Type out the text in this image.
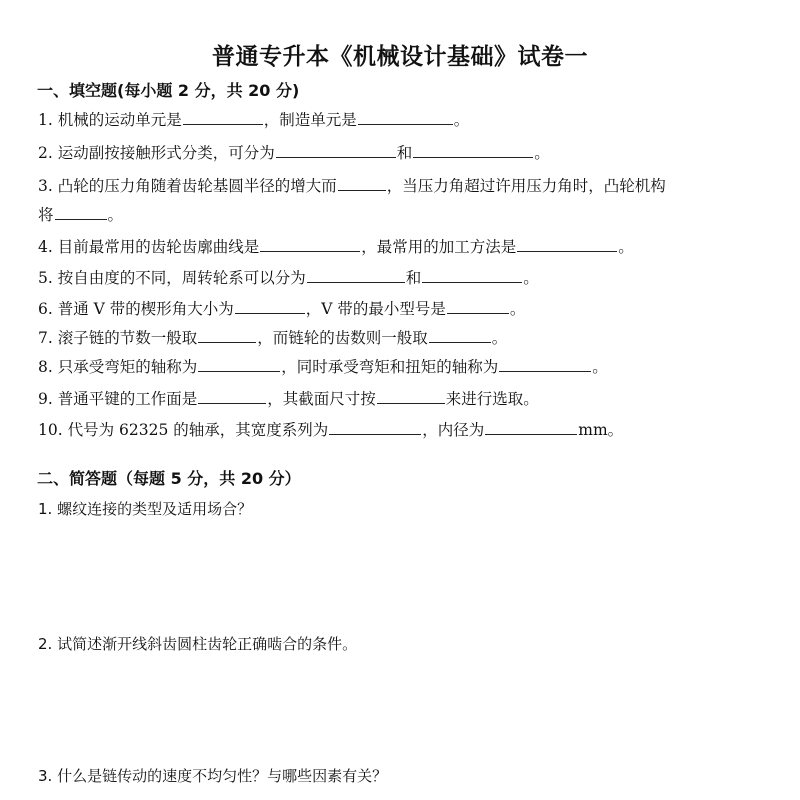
普通专升本《机械设计基础》试卷一
一、填空题(每小题 2 分，共 20 分)
1. 机械的运动单元是	，制造单元是	。
2. 运动副按接触形式分类，可分为	和	。
3. 凸轮的压力角随着齿轮基圆半径的增大而	，当压力角超过许用压力角时，凸轮机构
将	。
4. 目前最常用的齿轮齿廓曲线是	，最常用的加工方法是	。
5. 按自由度的不同，周转轮系可以分为	和	。
6. 普通 V 带的楔形角大小为	，V 带的最小型号是	。
7. 滚子链的节数一般取	，而链轮的齿数则一般取	。
8. 只承受弯矩的轴称为	，同时承受弯矩和扭矩的轴称为	。
9. 普通平键的工作面是	，其截面尺寸按	来进行选取。
10. 代号为 62325 的轴承，其宽度系列为	，内径为	mm。
二、简答题（每题 5 分，共 20 分）
1. 螺纹连接的类型及适用场合？
2. 试简述渐开线斜齿圆柱齿轮正确啮合的条件。
3. 什么是链传动的速度不均匀性？与哪些因素有关？
